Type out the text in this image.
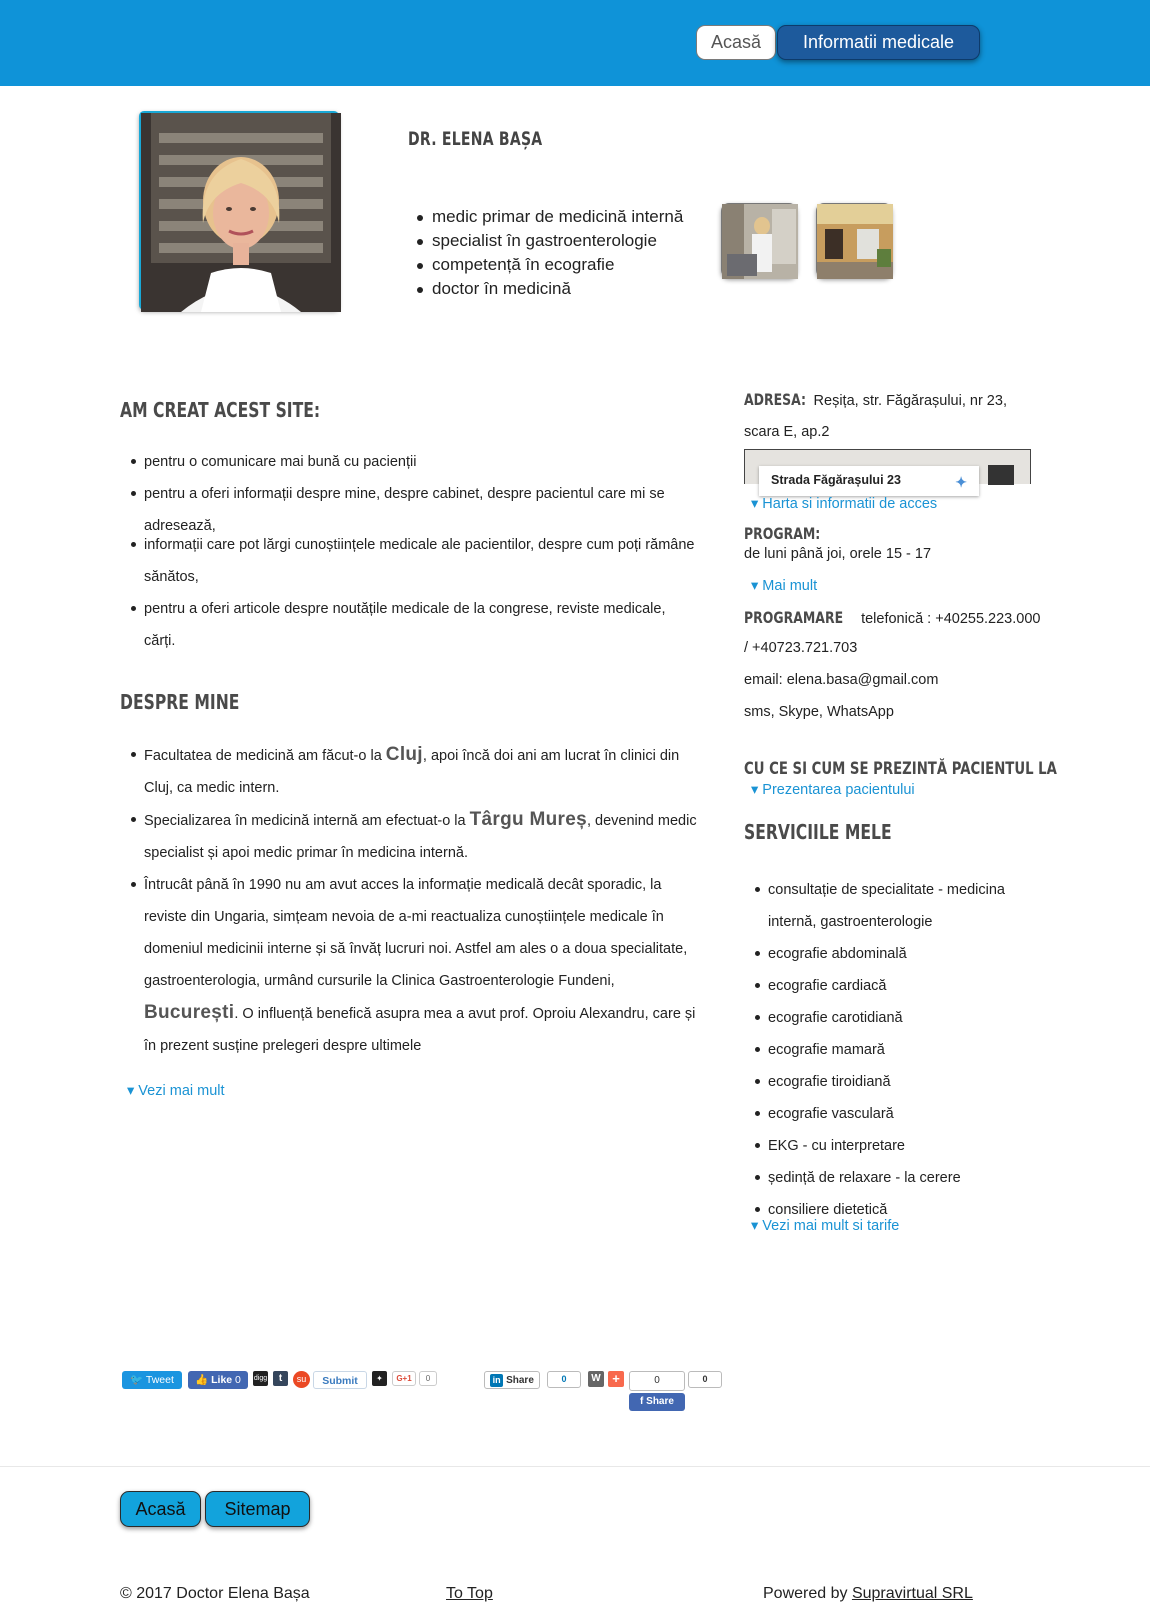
Acasă	Informatii medicale
DR. ELENA BAȘA
medic primar de medicină internă
specialist în gastroenterologie
competență în ecografie
doctor în medicină
AM CREAT ACEST SITE:
pentru o comunicare mai bună cu pacienții
pentru a oferi informații despre mine, despre cabinet, despre pacientul care mi se adresează,
informații care pot lărgi cunoștiințele medicale ale pacientilor, despre cum poți rămâne sănătos,
pentru a oferi articole despre noutățile medicale de la congrese, reviste medicale, cărți.
DESPRE MINE
Facultatea de medicină am făcut-o la Cluj, apoi încă doi ani am lucrat în clinici din Cluj, ca medic intern.
Specializarea în medicină internă am efectuat-o la Târgu Mureș, devenind medic specialist și apoi medic primar în medicina internă.
Întrucât până în 1990 nu am avut acces la informație medicală decât sporadic, la reviste din Ungaria, simțeam nevoia de a-mi reactualiza cunoștiințele medicale în domeniul medicinii interne și să învăț lucruri noi. Astfel am ales o a doua specialitate, gastroenterologia, urmând cursurile la Clinica Gastroenterologie Fundeni, București. O influență benefică asupra mea a avut prof. Oproiu Alexandru, care și în prezent susține prelegeri despre ultimele
▾ Vezi mai mult
ADRESA: Reșița, str. Făgărașului, nr 23,
scara E, ap.2
Strada Făgărașului 23	✦
▾ Harta si informatii de acces
PROGRAM:
de luni până joi, orele 15 - 17
▾ Mai mult
PROGRAMARE telefonică : +40255.223.000
/ +40723.721.703
email: elena.basa@gmail.com
sms, Skype, WhatsApp
CU CE SI CUM SE PREZINTĂ PACIENTUL LA
▾ Prezentarea pacientului
SERVICIILE MELE
consultație de specialitate - medicina internă, gastroenterologie
ecografie abdominală
ecografie cardiacă
ecografie carotidiană
ecografie mamară
ecografie tiroidiană
ecografie vasculară
EKG - cu interpretare
ședință de relaxare - la cerere
consiliere dietetică
▾ Vezi mai mult si tarife
🐦 Tweet	👍 Like 0	digg	t	su	Submit	✦	G+1	0	in Share	0	W +	0
f Share
0
Acasă	Sitemap
© 2017 Doctor Elena Bașa	To Top	Powered by Supravirtual SRL
